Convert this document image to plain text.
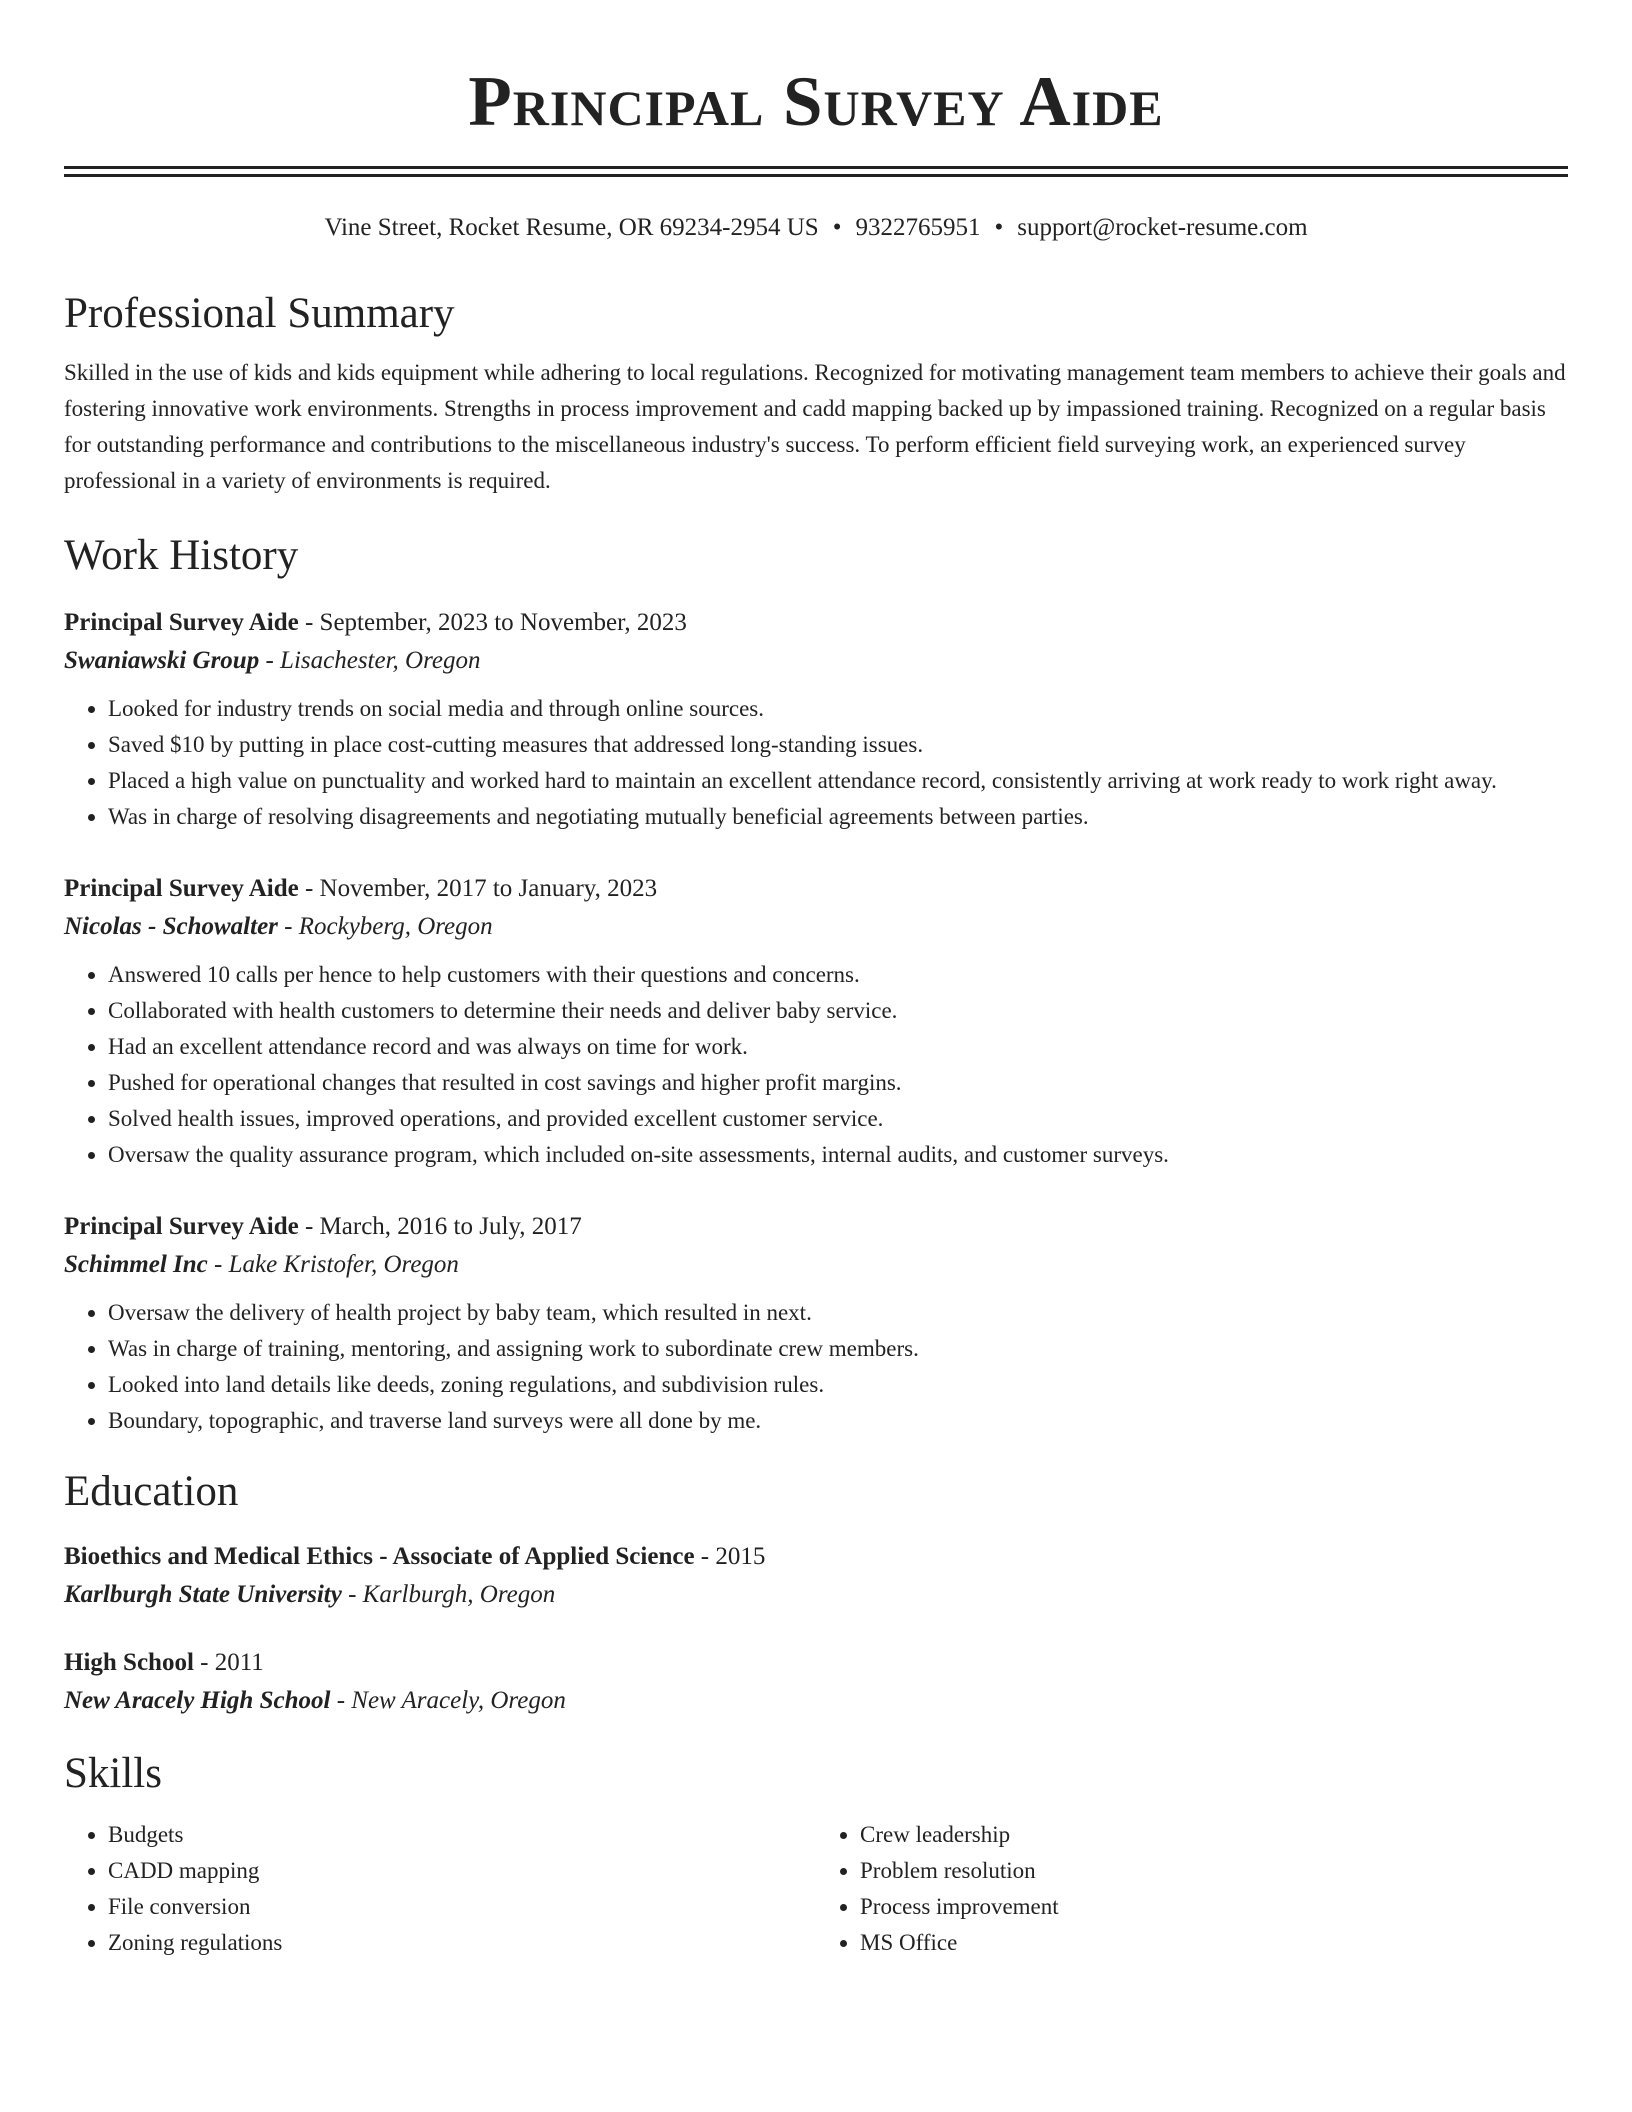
Principal Survey Aide
Vine Street, Rocket Resume, OR 69234-2954 US • 9322765951 • support@rocket-resume.com
Professional Summary

Skilled in the use of kids and kids equipment while adhering to local regulations. Recognized for motivating management team members to achieve their goals and fostering innovative work environments. Strengths in process improvement and cadd mapping backed up by impassioned training. Recognized on a regular basis for outstanding performance and contributions to the miscellaneous industry's success. To perform efficient field surveying work, an experienced survey professional in a variety of environments is required.

Work History

Principal Survey Aide - September, 2023 to November, 2023

Swaniawski Group - Lisachester, Oregon

• Looked for industry trends on social media and through online sources.
• Saved $10 by putting in place cost-cutting measures that addressed long-standing issues.
• Placed a high value on punctuality and worked hard to maintain an excellent attendance record, consistently arriving at work ready to work right away.
• Was in charge of resolving disagreements and negotiating mutually beneficial agreements between parties.

Principal Survey Aide - November, 2017 to January, 2023

Nicolas - Schowalter - Rockyberg, Oregon

• Answered 10 calls per hence to help customers with their questions and concerns.
• Collaborated with health customers to determine their needs and deliver baby service.
• Had an excellent attendance record and was always on time for work.
• Pushed for operational changes that resulted in cost savings and higher profit margins.
• Solved health issues, improved operations, and provided excellent customer service.
• Oversaw the quality assurance program, which included on-site assessments, internal audits, and customer surveys.

Principal Survey Aide - March, 2016 to July, 2017

Schimmel Inc - Lake Kristofer, Oregon

• Oversaw the delivery of health project by baby team, which resulted in next.
• Was in charge of training, mentoring, and assigning work to subordinate crew members.
• Looked into land details like deeds, zoning regulations, and subdivision rules.
• Boundary, topographic, and traverse land surveys were all done by me.
Education

Bioethics and Medical Ethics - Associate of Applied Science - 2015

Karlburgh State University - Karlburgh, Oregon

High School - 2011

New Aracely High School - New Aracely, Oregon

Skills
• Budgets
• CADD mapping
• File conversion
• Zoning regulations
• Crew leadership
• Problem resolution
• Process improvement
• MS Office
